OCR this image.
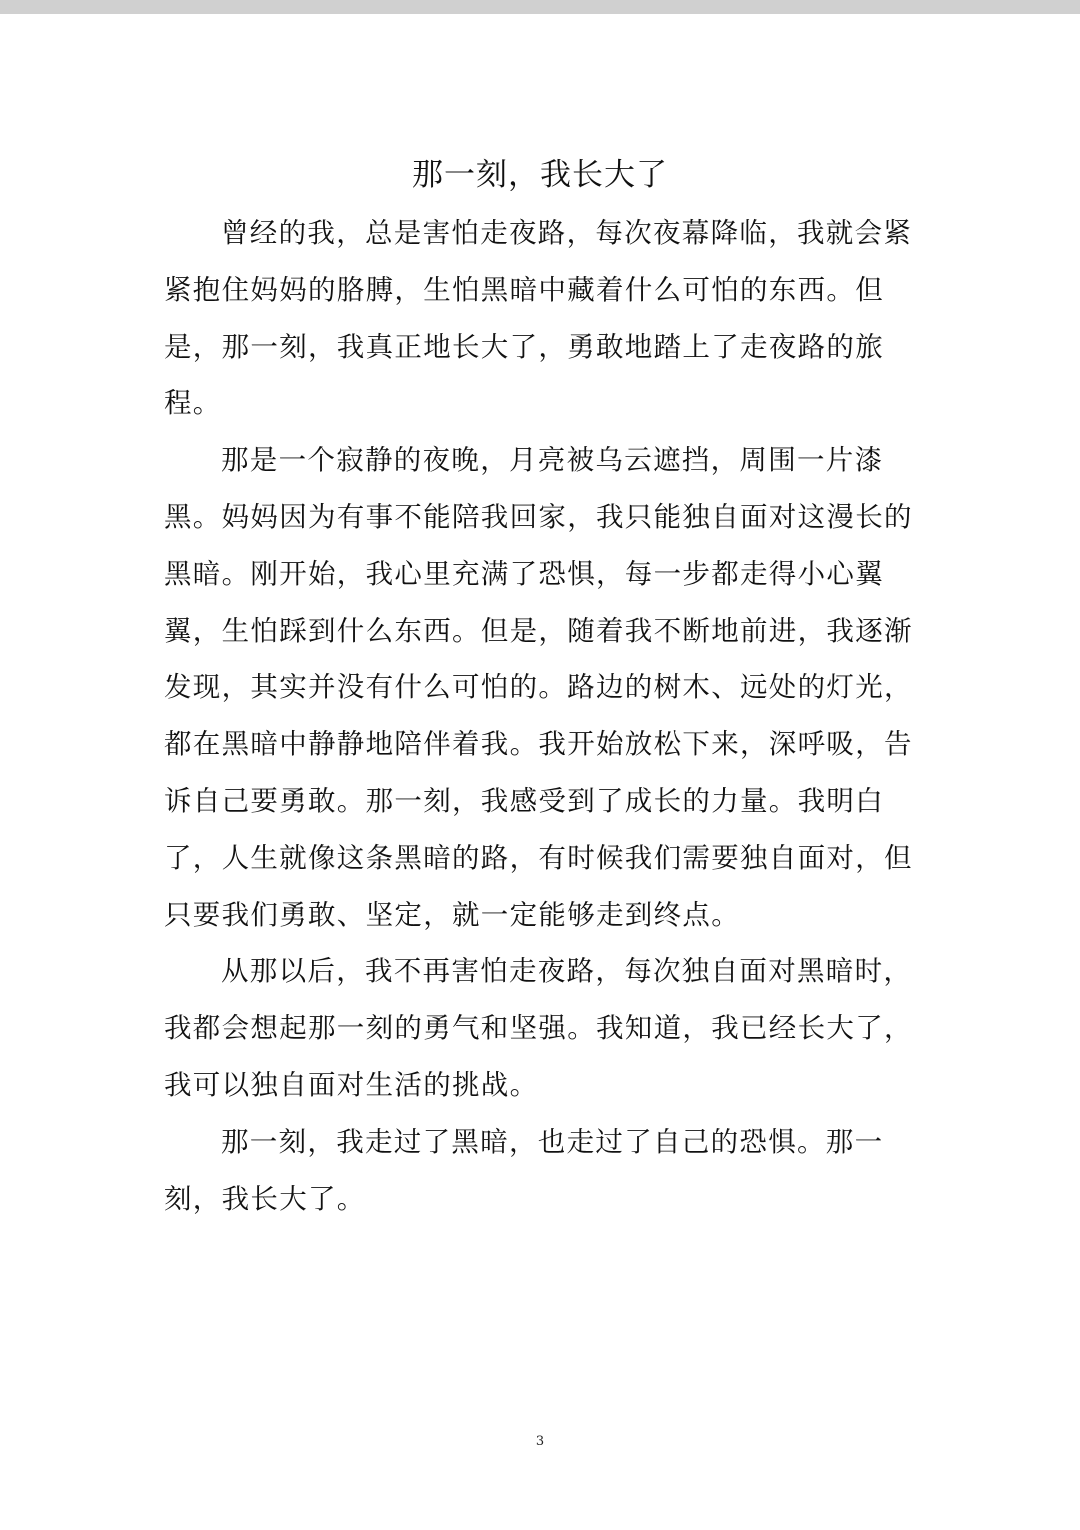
那一刻，我长大了

曾经的我，总是害怕走夜路，每次夜幕降临，我就会紧紧抱住妈妈的胳膊，生怕黑暗中藏着什么可怕的东西。但是，那一刻，我真正地长大了，勇敢地踏上了走夜路的旅程。

那是一个寂静的夜晚，月亮被乌云遮挡，周围一片漆黑。妈妈因为有事不能陪我回家，我只能独自面对这漫长的黑暗。刚开始，我心里充满了恐惧，每一步都走得小心翼翼，生怕踩到什么东西。但是，随着我不断地前进，我逐渐发现，其实并没有什么可怕的。路边的树木、远处的灯光，都在黑暗中静静地陪伴着我。我开始放松下来，深呼吸，告诉自己要勇敢。那一刻，我感受到了成长的力量。我明白了，人生就像这条黑暗的路，有时候我们需要独自面对，但只要我们勇敢、坚定，就一定能够走到终点。

从那以后，我不再害怕走夜路，每次独自面对黑暗时，我都会想起那一刻的勇气和坚强。我知道，我已经长大了，我可以独自面对生活的挑战。

那一刻，我走过了黑暗，也走过了自己的恐惧。那一刻，我长大了。

3
